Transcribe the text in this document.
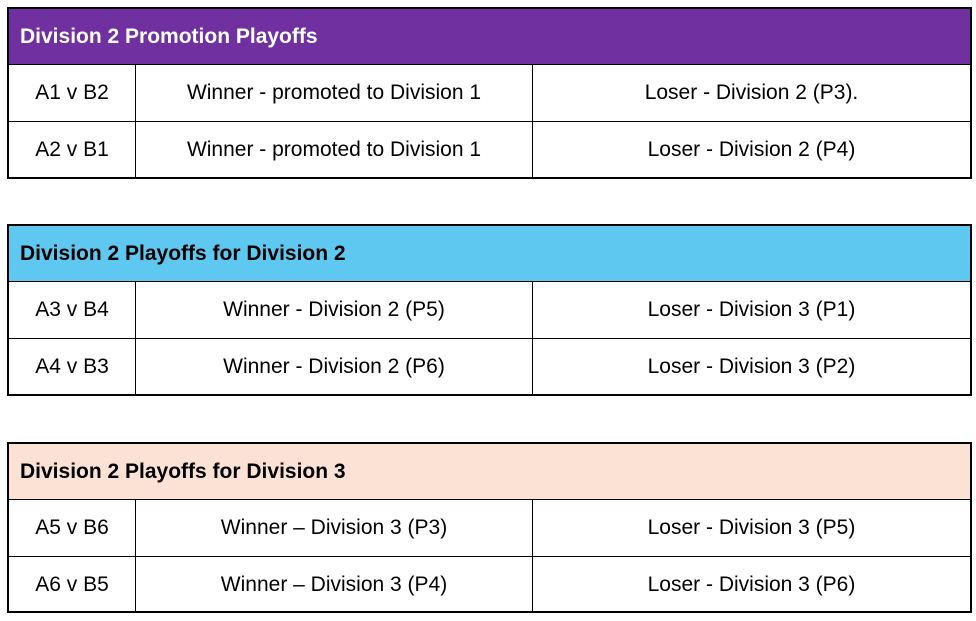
Division 2 Promotion Playoffs
A1 v B2	Winner - promoted to Division 1	Loser - Division 2 (P3).
A2 v B1	Winner - promoted to Division 1	Loser - Division 2 (P4)
Division 2 Playoffs for Division 2
A3 v B4	Winner - Division 2 (P5)	Loser - Division 3 (P1)
A4 v B3	Winner - Division 2 (P6)	Loser - Division 3 (P2)
Division 2 Playoffs for Division 3
A5 v B6	Winner – Division 3 (P3)	Loser - Division 3 (P5)
A6 v B5	Winner – Division 3 (P4)	Loser - Division 3 (P6)
